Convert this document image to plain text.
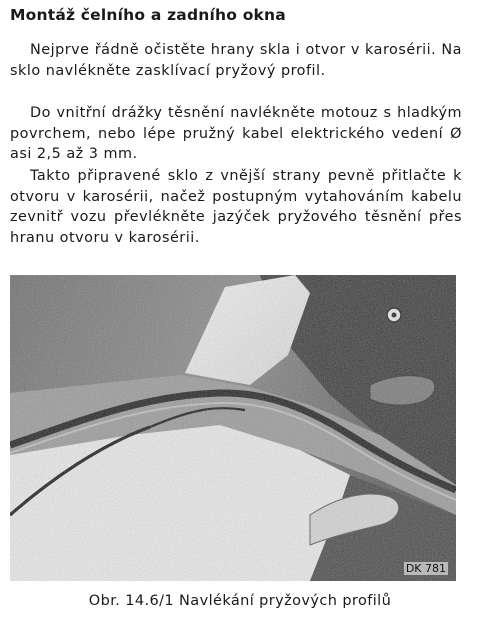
Montáž čelního a zadního okna
Nejprve řádně očistěte hrany skla i otvor v karosérii. Na sklo navlékněte zasklívací pryžový profil.
Do vnitřní drážky těsnění navlékněte motouz s hladkým povrchem, nebo lépe pružný kabel elektrického vedení Ø asi 2,5 až 3 mm.
Takto připravené sklo z vnější strany pevně přitlačte k otvoru v karosérii, načež postupným vytahováním kabelu zevnitř vozu převlékněte jazýček pryžového těsnění přes hranu otvoru v karosérii.
DK 781
Obr. 14.6/1 Navlékání pryžových profilů
